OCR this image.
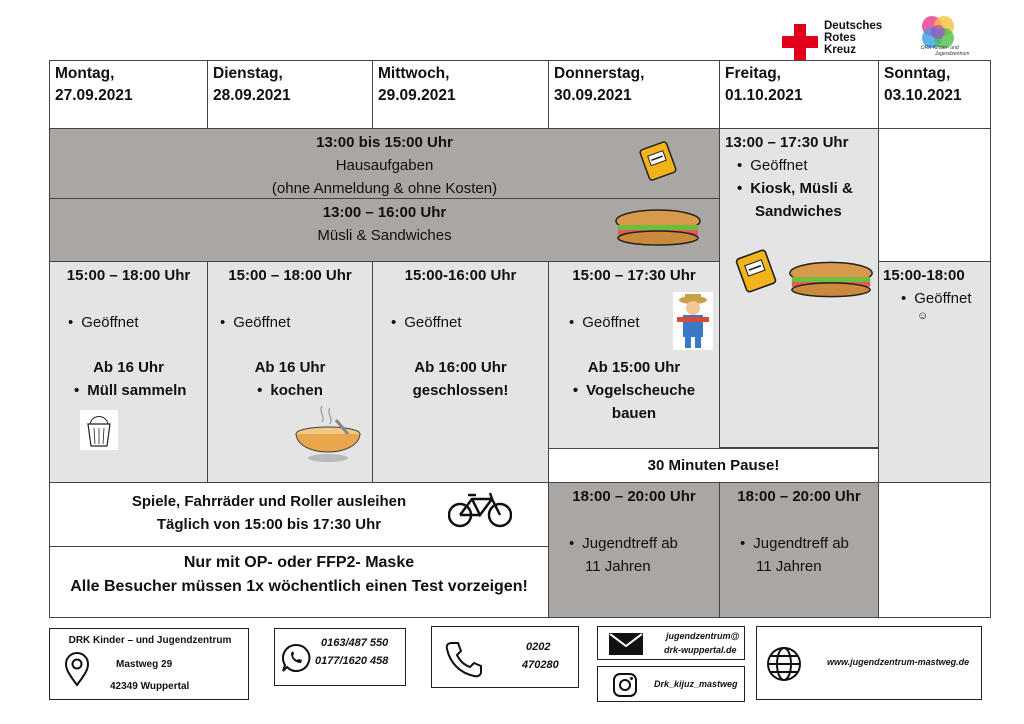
Deutsches
Rotes
Kreuz	DRK Kinder- und
Jugendzentrum
Montag,
27.09.2021
Dienstag,
28.09.2021
Mittwoch,
29.09.2021
Donnerstag,
30.09.2021
Freitag,
01.10.2021
Sonntag,
03.10.2021
13:00 bis 15:00 Uhr
Hausaufgaben
(ohne Anmeldung & ohne Kosten)
13:00 – 16:00 Uhr
Müsli & Sandwiches
13:00 – 17:30 Uhr
• Geöffnet
• Kiosk, Müsli &
Sandwiches
15:00 – 18:00 Uhr
• Geöffnet
Ab 16 Uhr
• Müll sammeln
15:00 – 18:00 Uhr
• Geöffnet
Ab 16 Uhr
• kochen
15:00-16:00 Uhr
• Geöffnet
Ab 16:00 Uhr
geschlossen!
15:00 – 17:30 Uhr
• Geöffnet
Ab 15:00 Uhr
• Vogelscheuche
bauen
30 Minuten Pause!
15:00-18:00
• Geöffnet
☺
Spiele, Fahrräder und Roller ausleihen
Täglich von 15:00 bis 17:30 Uhr
Nur mit OP- oder FFP2- Maske
Alle Besucher müssen 1x wöchentlich einen Test vorzeigen!
18:00 – 20:00 Uhr
• Jugendtreff ab
11 Jahren
18:00 – 20:00 Uhr
• Jugendtreff ab
11 Jahren
DRK Kinder – und Jugendzentrum
Mastweg 29
42349 Wuppertal
0163/487 550
0177/1620 458
0202
470280
jugendzentrum@
drk-wuppertal.de
Drk_kijuz_mastweg
www.jugendzentrum-mastweg.de
